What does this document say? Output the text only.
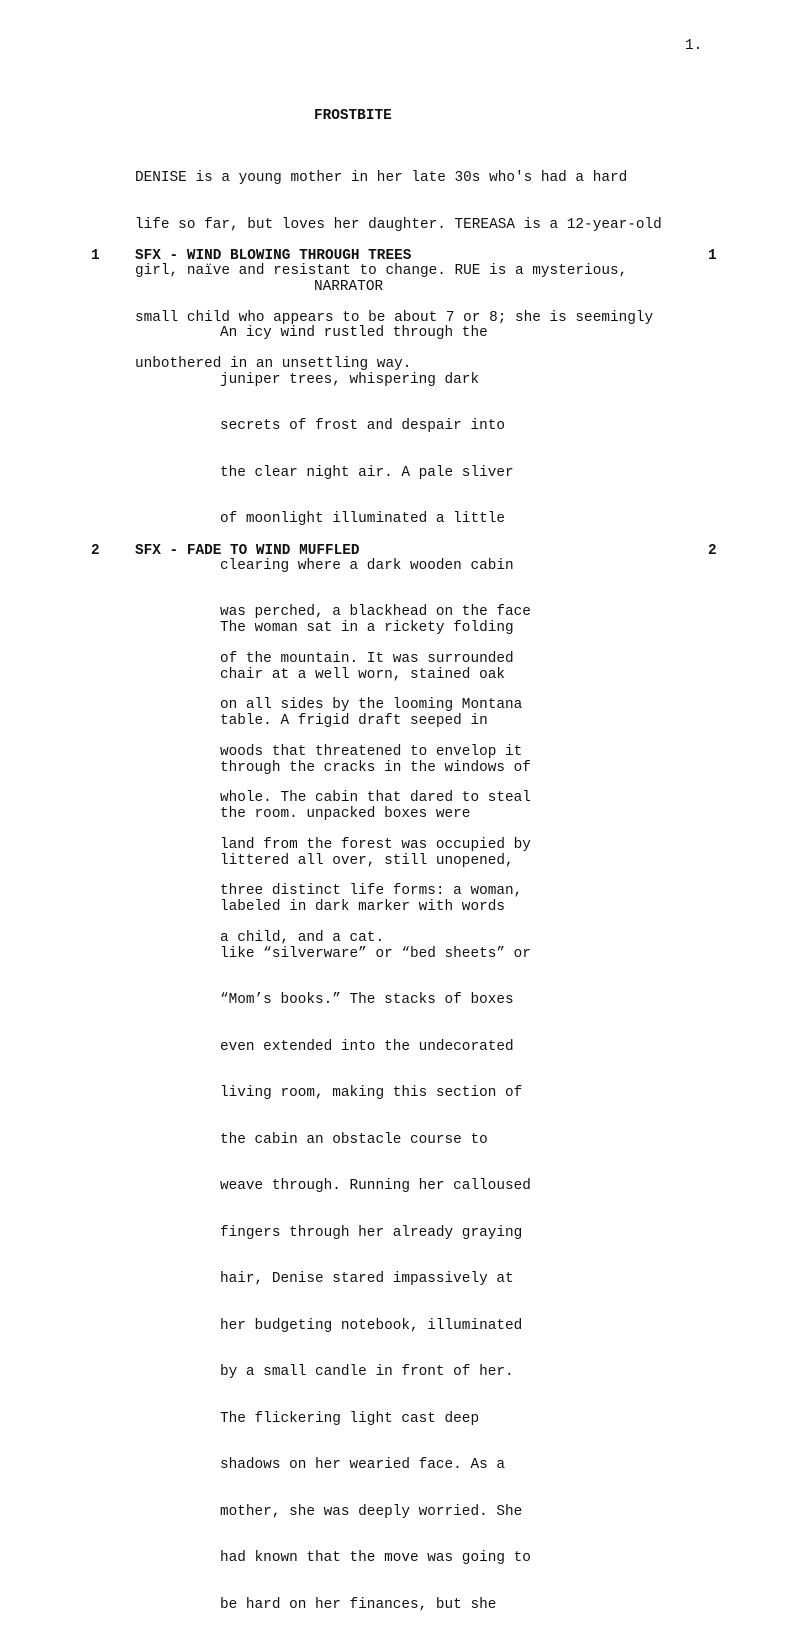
1.
FROSTBITE

DENISE is a young mother in her late 30s who's had a hard

life so far, but loves her daughter. TEREASA is a 12-year-old

girl, naïve and resistant to change. RUE is a mysterious,

small child who appears to be about 7 or 8; she is seemingly

unbothered in an unsettling way.

1 SFX - WIND BLOWING THROUGH TREES	1
NARRATOR

An icy wind rustled through the

juniper trees, whispering dark

secrets of frost and despair into

the clear night air. A pale sliver

of moonlight illuminated a little

clearing where a dark wooden cabin

was perched, a blackhead on the face

of the mountain. It was surrounded

on all sides by the looming Montana

woods that threatened to envelop it

whole. The cabin that dared to steal

land from the forest was occupied by

three distinct life forms: a woman,

a child, and a cat.

2 SFX - FADE TO WIND MUFFLED	2

The woman sat in a rickety folding

chair at a well worn, stained oak

table. A frigid draft seeped in

through the cracks in the windows of

the room. unpacked boxes were

littered all over, still unopened,

labeled in dark marker with words

like “silverware” or “bed sheets” or

“Mom’s books.” The stacks of boxes

even extended into the undecorated

living room, making this section of

the cabin an obstacle course to

weave through. Running her calloused

fingers through her already graying

hair, Denise stared impassively at

her budgeting notebook, illuminated

by a small candle in front of her.

The flickering light cast deep

shadows on her wearied face. As a

mother, she was deeply worried. She

had known that the move was going to

be hard on her finances, but she
